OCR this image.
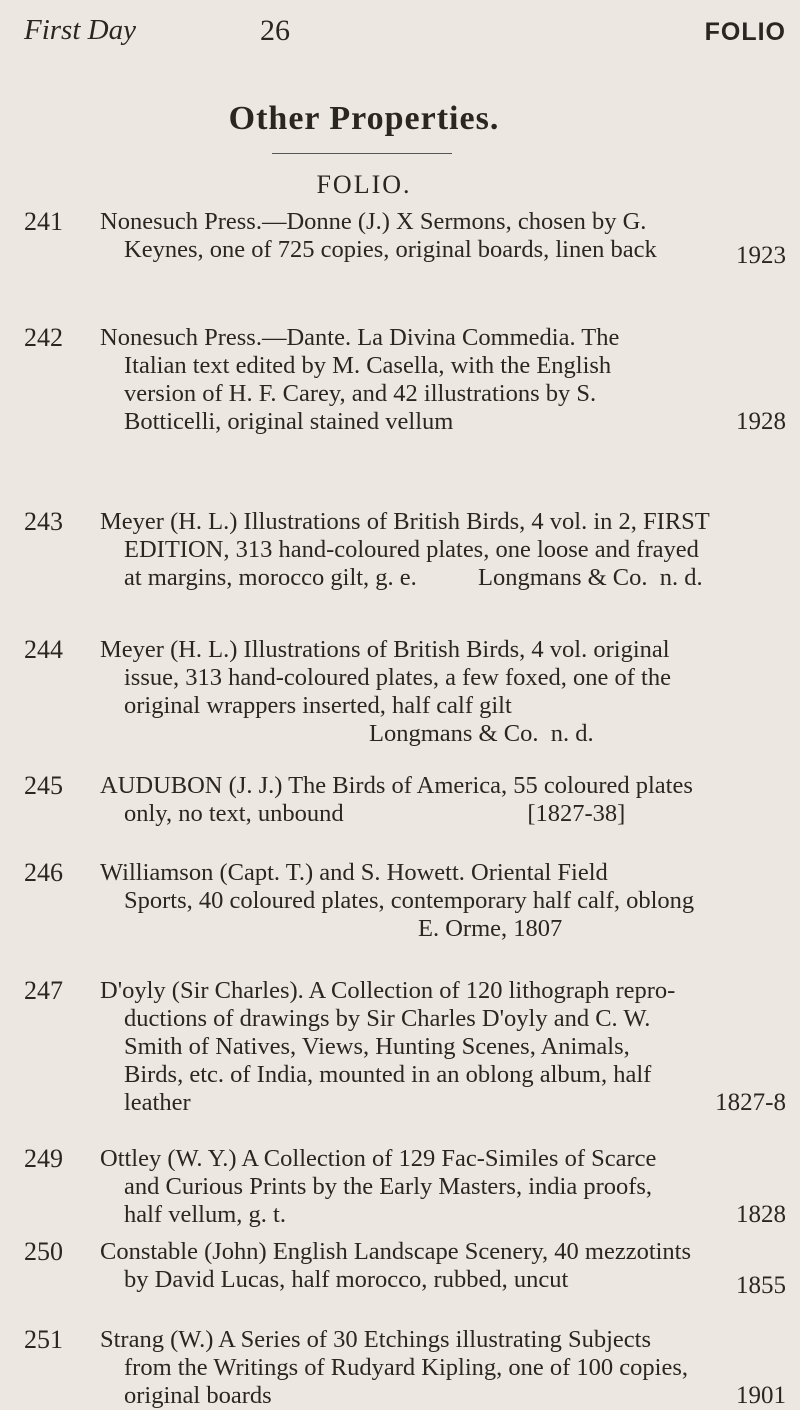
First Day	26	FOLIO
Other Properties.
FOLIO.
241 Nonesuch Press.—Donne (J.) X Sermons, chosen by G.
Keynes, one of 725 copies, original boards, linen back	1923
242 Nonesuch Press.—Dante. La Divina Commedia. The
Italian text edited by M. Casella, with the English
version of H. F. Carey, and 42 illustrations by S.
Botticelli, original stained vellum	1928
243 Meyer (H. L.) Illustrations of British Birds, 4 vol. in 2, FIRST
EDITION, 313 hand-coloured plates, one loose and frayed
at margins, morocco gilt, g. e.          Longmans & Co.  n. d.
244 Meyer (H. L.) Illustrations of British Birds, 4 vol. original
issue, 313 hand-coloured plates, a few foxed, one of the
original wrappers inserted, half calf gilt
Longmans & Co.  n. d.
245 AUDUBON (J. J.) The Birds of America, 55 coloured plates
only, no text, unbound                              [1827-38]
246 Williamson (Capt. T.) and S. Howett. Oriental Field
Sports, 40 coloured plates, contemporary half calf, oblong
E. Orme, 1807
247 D'oyly (Sir Charles). A Collection of 120 lithograph repro-
ductions of drawings by Sir Charles D'oyly and C. W.
Smith of Natives, Views, Hunting Scenes, Animals,
Birds, etc. of India, mounted in an oblong album, half
leather	1827-8
249 Ottley (W. Y.) A Collection of 129 Fac-Similes of Scarce
and Curious Prints by the Early Masters, india proofs,
half vellum, g. t.	1828
250 Constable (John) English Landscape Scenery, 40 mezzotints
by David Lucas, half morocco, rubbed, uncut	1855
251 Strang (W.) A Series of 30 Etchings illustrating Subjects
from the Writings of Rudyard Kipling, one of 100 copies,
original boards	1901
